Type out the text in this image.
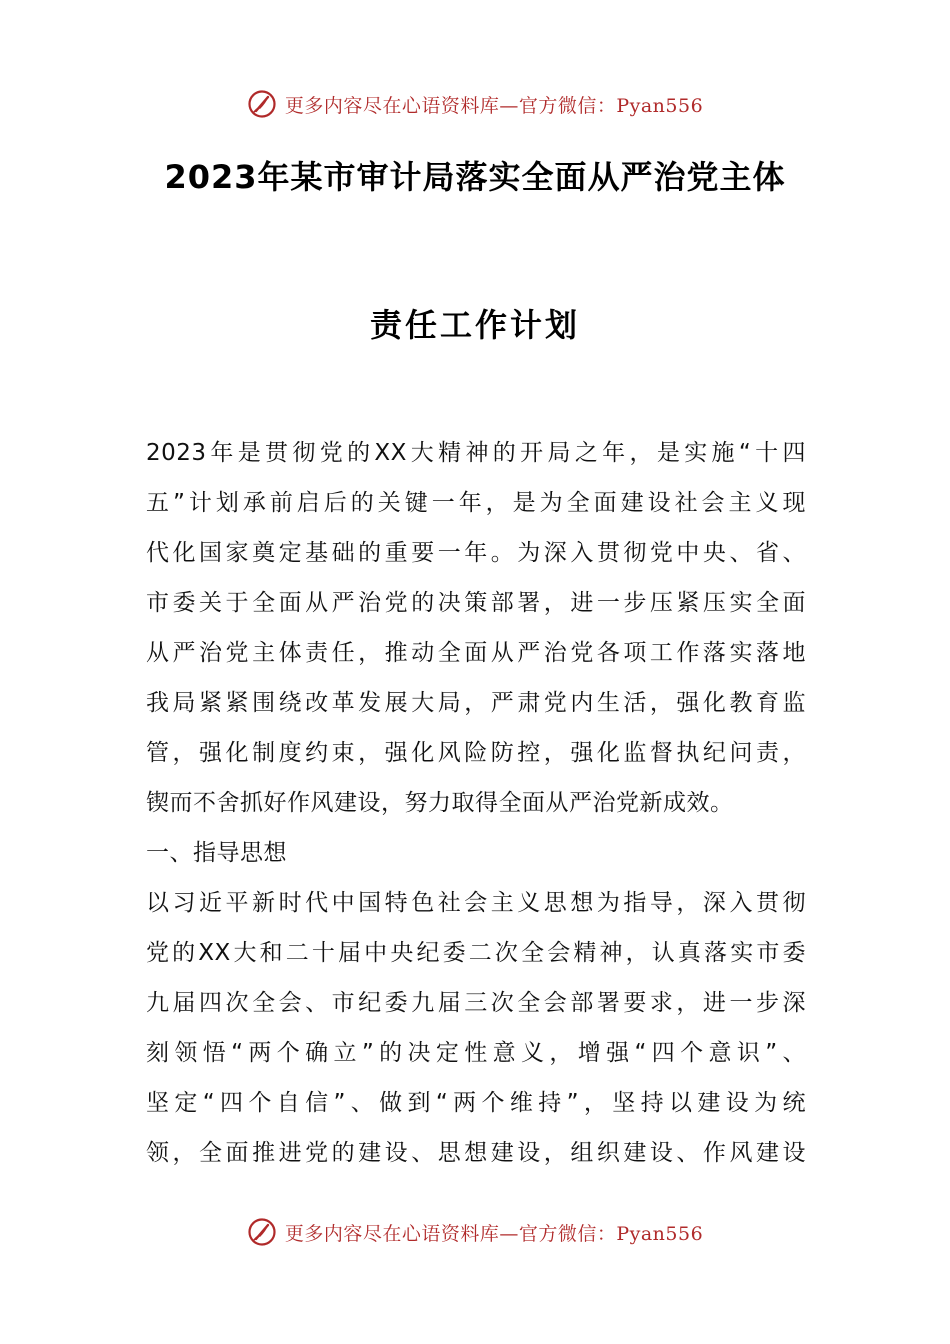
更多内容尽在心语资料库—官方微信：Pyan556
2023年某市审计局落实全面从严治党主体
责任工作计划
2023年是贯彻党的XX大精神的开局之年，是实施“十四
五”计划承前启后的关键一年，是为全面建设社会主义现
代化国家奠定基础的重要一年。为深入贯彻党中央、省、
市委关于全面从严治党的决策部署，进一步压紧压实全面
从严治党主体责任，推动全面从严治党各项工作落实落地
我局紧紧围绕改革发展大局，严肃党内生活，强化教育监
管，强化制度约束，强化风险防控，强化监督执纪问责，
锲而不舍抓好作风建设，努力取得全面从严治党新成效。
一、指导思想
以习近平新时代中国特色社会主义思想为指导，深入贯彻
党的XX大和二十届中央纪委二次全会精神，认真落实市委
九届四次全会、市纪委九届三次全会部署要求，进一步深
刻领悟“两个确立”的决定性意义，增强“四个意识”、
坚定“四个自信”、做到“两个维持”，坚持以建设为统
领，全面推进党的建设、思想建设，组织建设、作风建设
更多内容尽在心语资料库—官方微信：Pyan556
